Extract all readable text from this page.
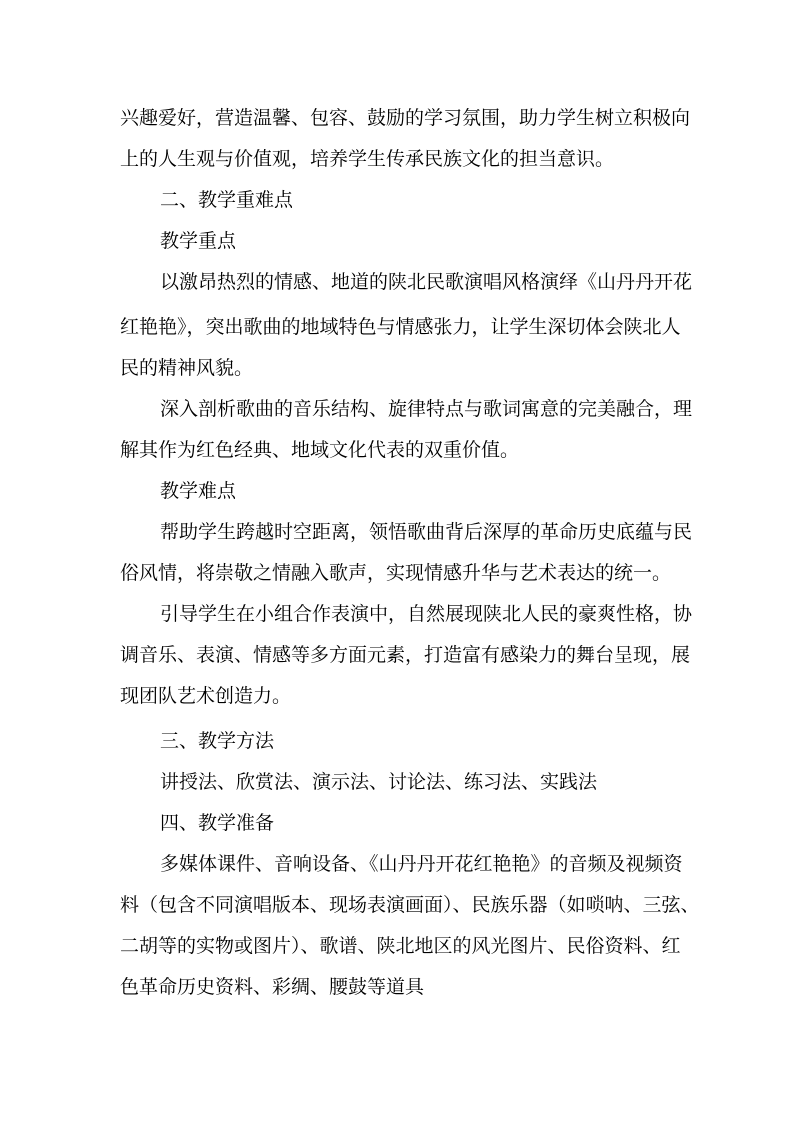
兴趣爱好，营造温馨、包容、鼓励的学习氛围，助力学生树立积极向

上的人生观与价值观，培养学生传承民族文化的担当意识。

二、教学重难点

教学重点

以激昂热烈的情感、地道的陕北民歌演唱风格演绎《山丹丹开花

红艳艳》，突出歌曲的地域特色与情感张力，让学生深切体会陕北人

民的精神风貌。

深入剖析歌曲的音乐结构、旋律特点与歌词寓意的完美融合，理

解其作为红色经典、地域文化代表的双重价值。

教学难点

帮助学生跨越时空距离，领悟歌曲背后深厚的革命历史底蕴与民

俗风情，将崇敬之情融入歌声，实现情感升华与艺术表达的统一。

引导学生在小组合作表演中，自然展现陕北人民的豪爽性格，协

调音乐、表演、情感等多方面元素，打造富有感染力的舞台呈现，展

现团队艺术创造力。

三、教学方法

讲授法、欣赏法、演示法、讨论法、练习法、实践法

四、教学准备

多媒体课件、音响设备、《山丹丹开花红艳艳》的音频及视频资

料（包含不同演唱版本、现场表演画面）、民族乐器（如唢呐、三弦、

二胡等的实物或图片）、歌谱、陕北地区的风光图片、民俗资料、红

色革命历史资料、彩绸、腰鼓等道具
